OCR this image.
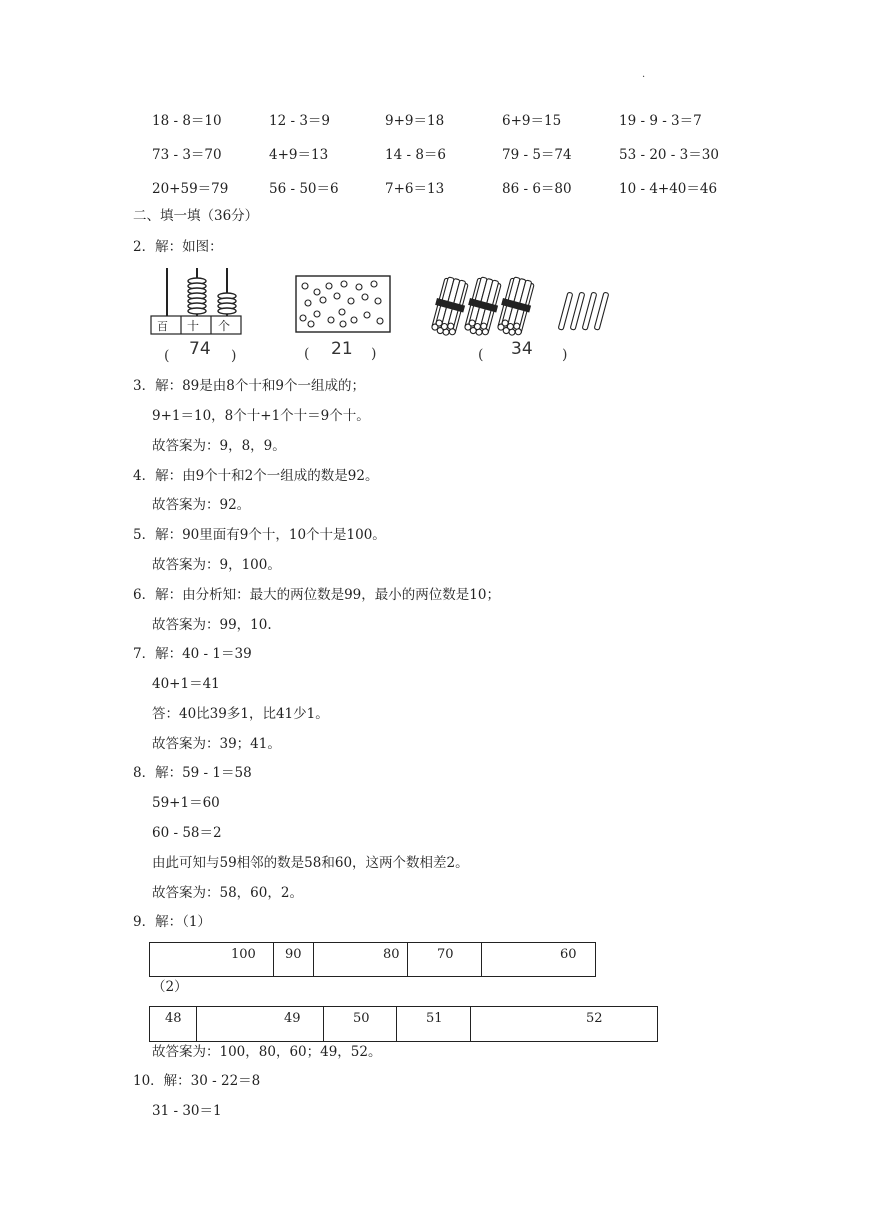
·
18 - 8＝10	12 - 3＝9	9+9＝18	6+9＝15	19 - 9 - 3＝7
73 - 3＝70	4+9＝13	14 - 8＝6	79 - 5＝74	53 - 20 - 3＝30
20+59＝79	56 - 50＝6	7+6＝13	86 - 6＝80	10 - 4+40＝46
二、填一填（36分）
2．解：如图：
百 十 个
( 74 )	( 21 )	( 34 )
3．解：89是由8个十和9个一组成的；
9+1＝10，8个十+1个十＝9个十。
故答案为：9，8，9。
4．解：由9个十和2个一组成的数是92。
故答案为：92。
5．解：90里面有9个十，10个十是100。
故答案为：9，100。
6．解：由分析知：最大的两位数是99，最小的两位数是10；
故答案为：99，10.
7．解：40 - 1＝39
40+1＝41
答：40比39多1，比41少1。
故答案为：39；41。
8．解：59 - 1＝58
59+1＝60
60 - 58＝2
由此可知与59相邻的数是58和60，这两个数相差2。
故答案为：58，60，2。
9．解：（1）
100 90	80	70	60
（2）
48	49	50	51	52
故答案为：100，80，60；49，52。
10．解：30 - 22＝8
31 - 30＝1
